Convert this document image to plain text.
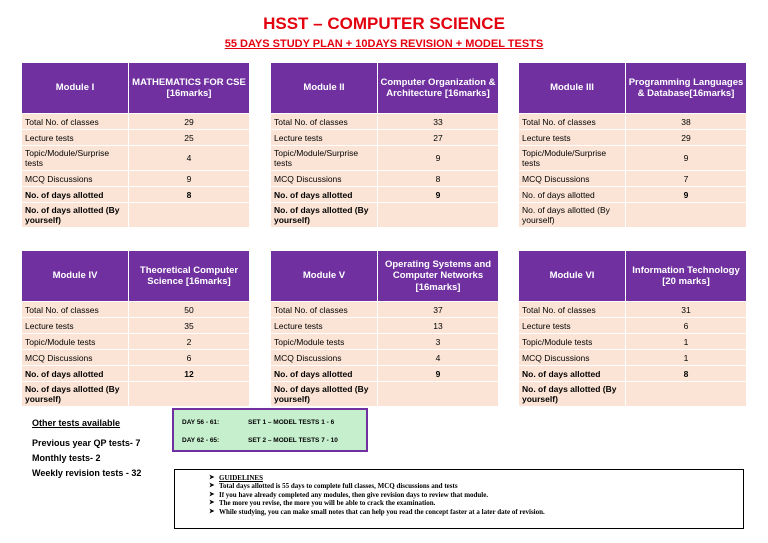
HSST – COMPUTER SCIENCE
55 DAYS STUDY PLAN + 10DAYS REVISION + MODEL TESTS
Module I	MATHEMATICS FOR CSE [16marks]
Total No. of classes	29
Lecture tests	25
Topic/Module/Surprise tests	4
MCQ Discussions	9
No. of days allotted	8
No. of days allotted (By yourself)	
Module II	Computer Organization & Architecture [16marks]
Total No. of classes	33
Lecture tests	27
Topic/Module/Surprise tests	9
MCQ Discussions	8
No. of days allotted	9
No. of days allotted (By yourself)	
Module III	Programming Languages & Database[16marks]
Total No. of classes	38
Lecture tests	29
Topic/Module/Surprise tests	9
MCQ Discussions	7
No. of days allotted	9
No. of days allotted (By yourself)	
Module IV	Theoretical Computer Science [16marks]
Total No. of classes	50
Lecture tests	35
Topic/Module tests	2
MCQ Discussions	6
No. of days allotted	12
No. of days allotted (By yourself)	
Module V	Operating Systems and Computer Networks [16marks]
Total No. of classes	37
Lecture tests	13
Topic/Module tests	3
MCQ Discussions	4
No. of days allotted	9
No. of days allotted (By yourself)	
Module VI	Information Technology [20 marks]
Total No. of classes	31
Lecture tests	6
Topic/Module tests	1
MCQ Discussions	1
No. of days allotted	8
No. of days allotted (By yourself)	
Other tests available
Previous year QP tests- 7
Monthly tests- 2
Weekly revision tests - 32
DAY 56 - 61:	SET 1 – MODEL TESTS 1 - 6
DAY 62 - 65:	SET 2 – MODEL TESTS 7 - 10
➤ GUIDELINES
➤ Total days allotted is 55 days to complete full classes, MCQ discussions and tests
➤ If you have already completed any modules, then give revision days to review that module.
➤ The more you revise, the more you will be able to crack the examination.
➤ While studying, you can make small notes that can help you read the concept faster at a later date of revision.
